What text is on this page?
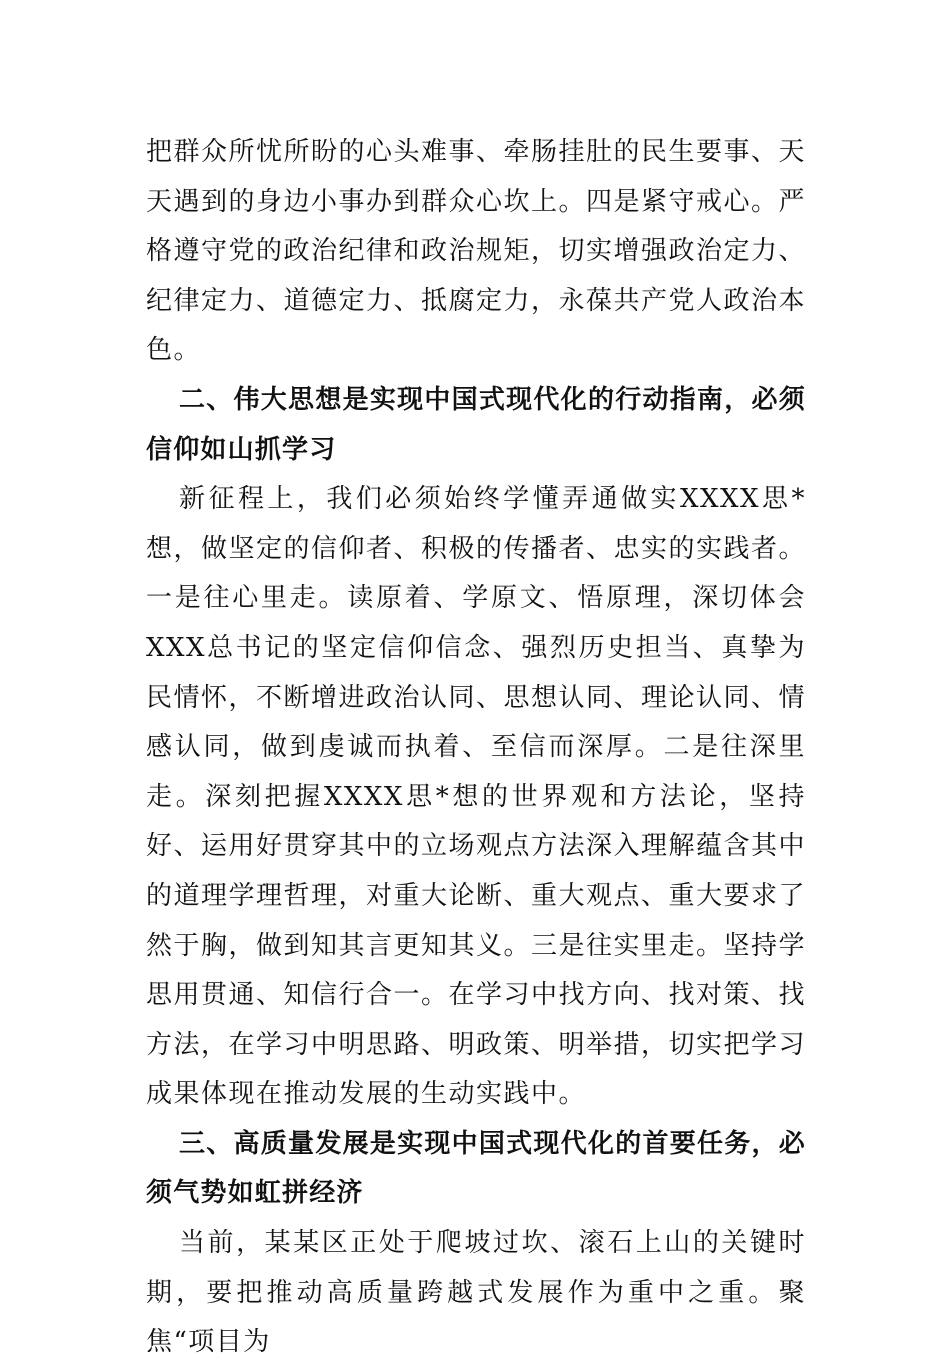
把群众所忧所盼的心头难事、牵肠挂肚的民生要事、天天遇到的身边小事办到群众心坎上。四是紧守戒心。严格遵守党的政治纪律和政治规矩，切实增强政治定力、纪律定力、道德定力、抵腐定力，永葆共产党人政治本色。

二、伟大思想是实现中国式现代化的行动指南，必须信仰如山抓学习

新征程上，我们必须始终学懂弄通做实XXXX思*想，做坚定的信仰者、积极的传播者、忠实的实践者。一是往心里走。读原着、学原文、悟原理，深切体会XXX总书记的坚定信仰信念、强烈历史担当、真挚为民情怀，不断增进政治认同、思想认同、理论认同、情感认同，做到虔诚而执着、至信而深厚。二是往深里走。深刻把握XXXX思*想的世界观和方法论，坚持好、运用好贯穿其中的立场观点方法深入理解蕴含其中的道理学理哲理，对重大论断、重大观点、重大要求了然于胸，做到知其言更知其义。三是往实里走。坚持学思用贯通、知信行合一。在学习中找方向、找对策、找方法，在学习中明思路、明政策、明举措，切实把学习成果体现在推动发展的生动实践中。

三、高质量发展是实现中国式现代化的首要任务，必须气势如虹拼经济

当前，某某区正处于爬坡过坎、滚石上山的关键时期，要把推动高质量跨越式发展作为重中之重。聚焦“项目为
